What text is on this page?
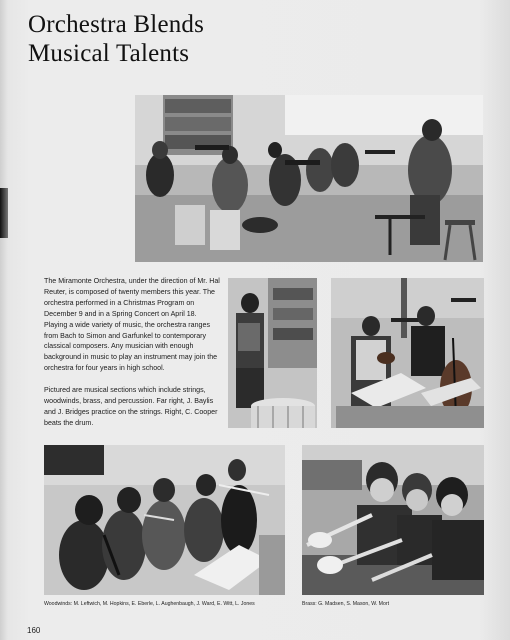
Orchestra Blends
Musical Talents

The Miramonte Orchestra, under the direction of Mr. Hal Reuter, is composed of twenty members this year. The orchestra performed in a Christmas Program on December 9 and in a Spring Concert on April 18. Playing a wide variety of music, the orchestra ranges from Bach to Simon and Garfunkel to contemporary classical composers. Any musician with enough background in music to play an instrument may join the orchestra for four years in high school.

Pictured are musical sections which include strings, woodwinds, brass, and percussion. Far right, J. Baylis and J. Bridges practice on the strings. Right, C. Cooper beats the drum.

Woodwinds: M. Leftwich, M. Hopkins, E. Eberle, L. Aughenbaugh, J. Ward, E. Witt, L. Jones	Brass: G. Madsen, S. Mason, W. Mort

160
